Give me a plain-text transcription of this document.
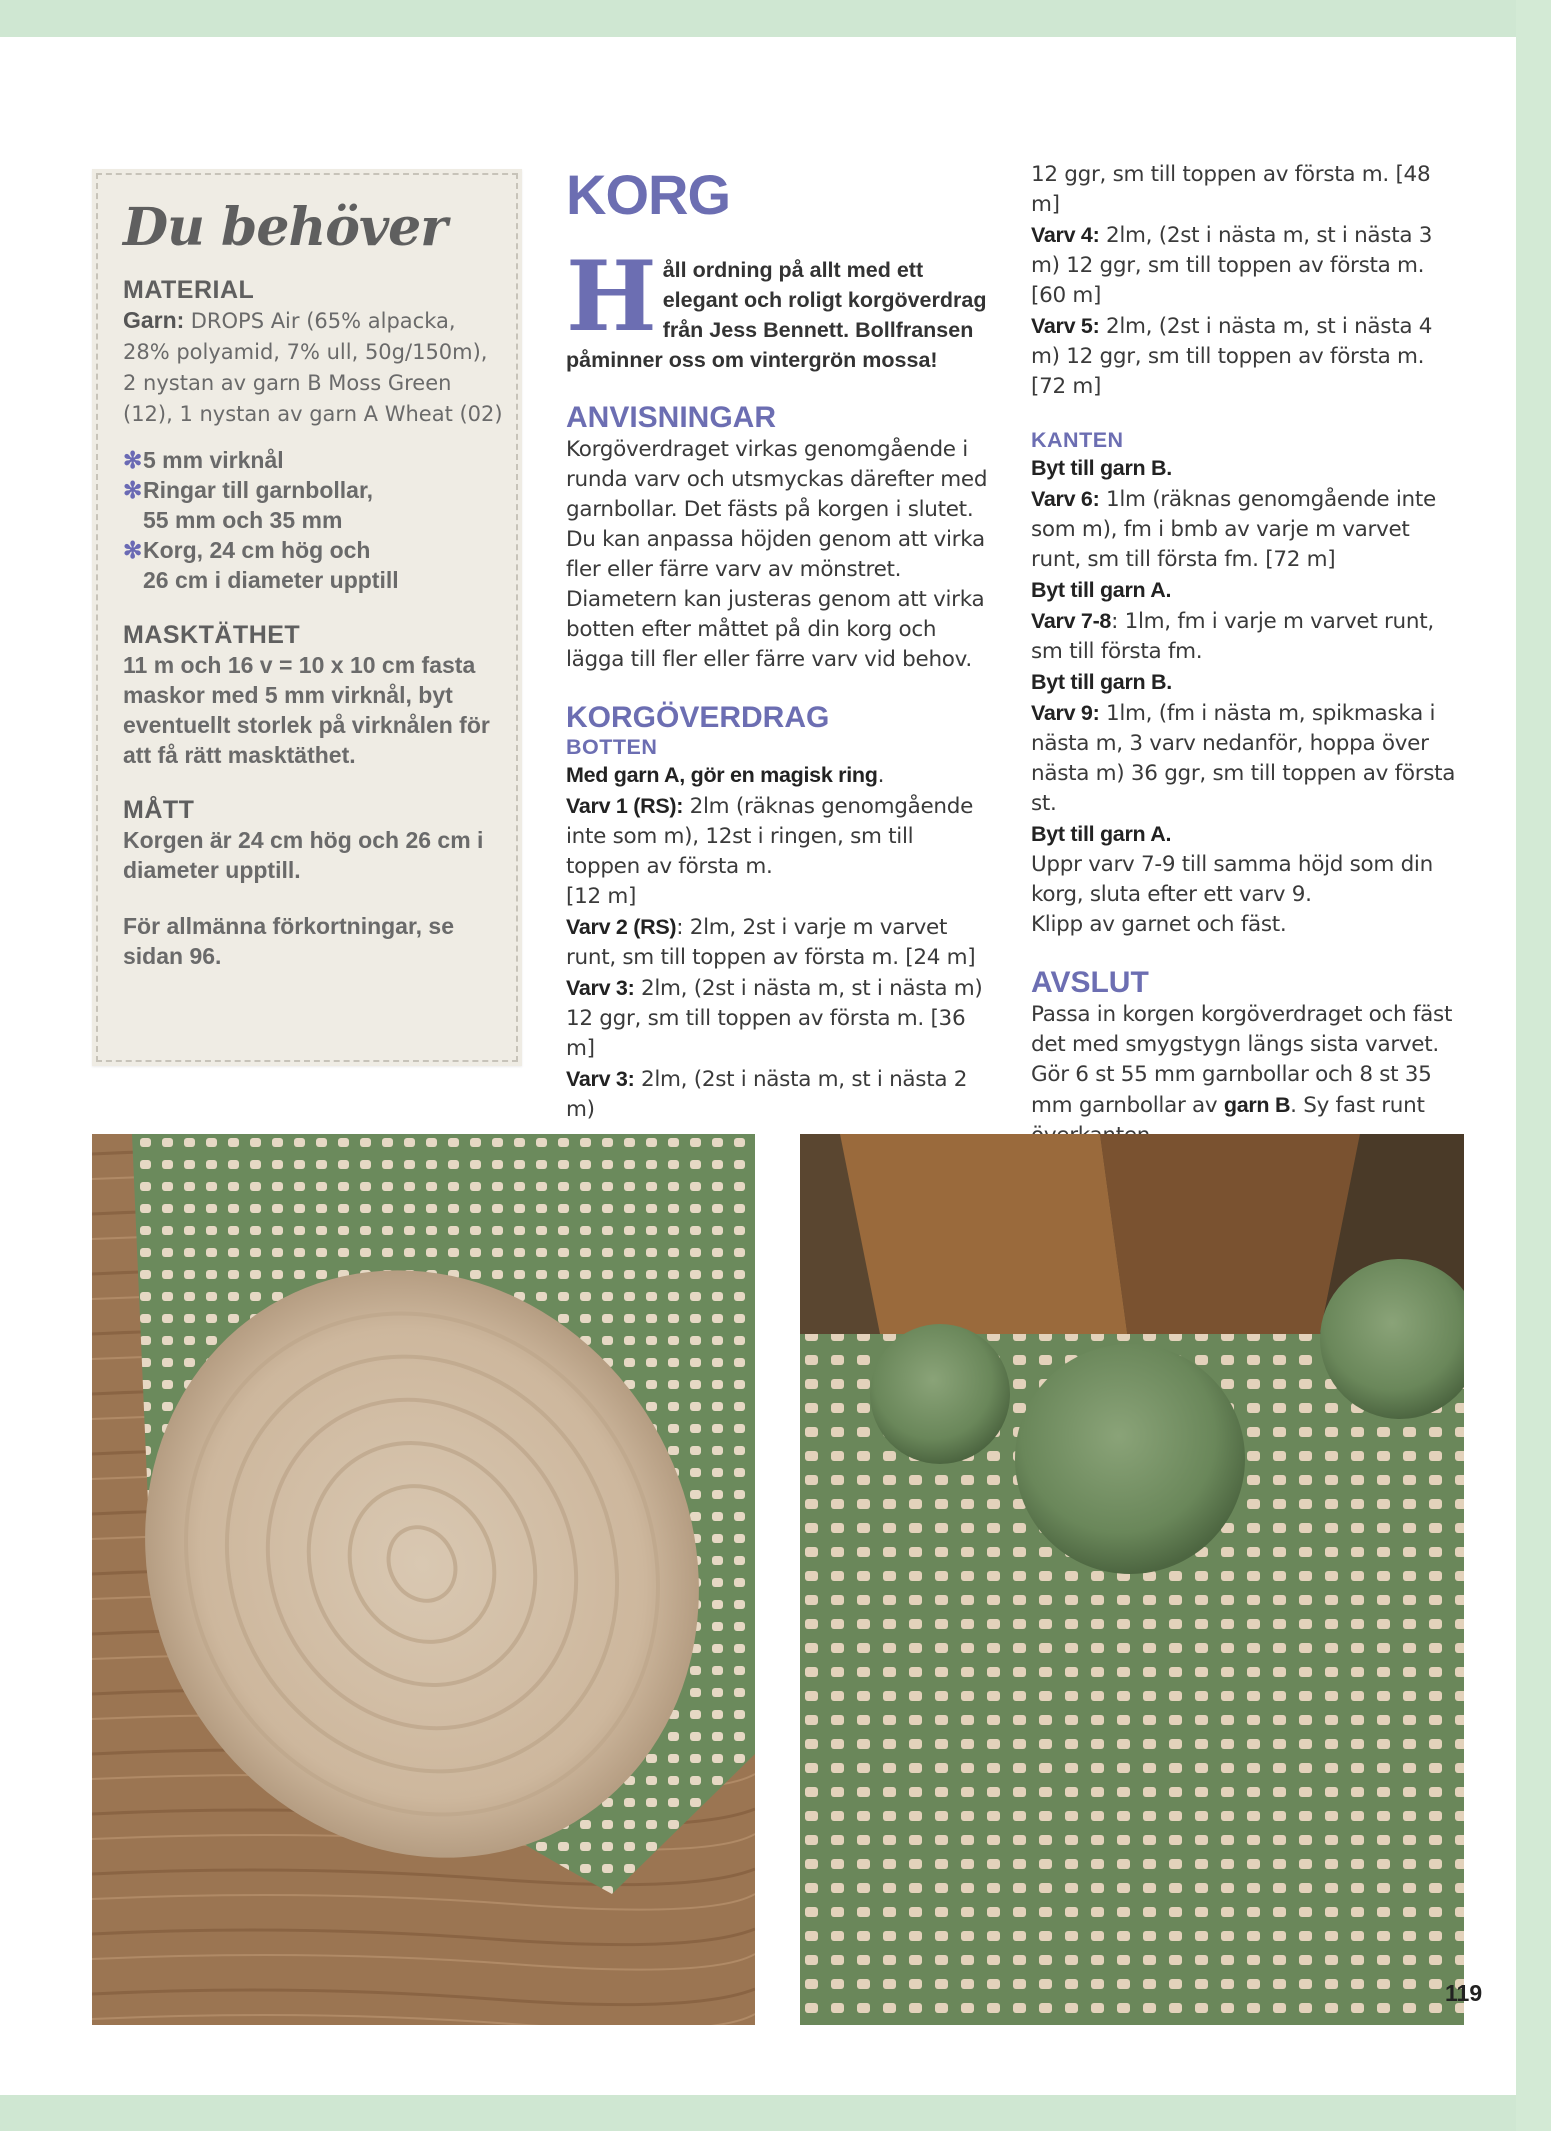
Du behöver
MATERIAL

Garn: DROPS Air (65% alpacka, 28% polyamid, 7% ull, 50g/150m), 2 nystan av garn B Moss Green (12), 1 nystan av garn A Wheat (02)

✻ 5 mm virknål
✻ Ringar till garnbollar,
55 mm och 35 mm
✻ Korg, 24 cm hög och
26 cm i diameter upptill
MASKTÄTHET

11 m och 16 v = 10 x 10 cm fasta maskor med 5 mm virknål, byt eventuellt storlek på virknålen för att få rätt masktäthet.

MÅTT

Korgen är 24 cm hög och 26 cm i diameter upptill.

För allmänna förkortningar, se sidan 96.

KORG
Håll ordning på allt med ett elegant och roligt korgöverdrag från Jess Bennett. Bollfransen påminner oss om vintergrön mossa!
ANVISNINGAR
Korgöverdraget virkas genomgående i runda varv och utsmyckas därefter med garnbollar. Det fästs på korgen i slutet. Du kan anpassa höjden genom att virka fler eller färre varv av mönstret. Diametern kan justeras genom att virka botten efter måttet på din korg och lägga till fler eller färre varv vid behov.
KORGÖVERDRAG
BOTTEN
Med garn A, gör en magisk ring.
Varv 1 (RS): 2lm (räknas genomgående inte som m), 12st i ringen, sm till toppen av första m.
[12 m]
Varv 2 (RS): 2lm, 2st i varje m varvet runt, sm till toppen av första m. [24 m]
Varv 3: 2lm, (2st i nästa m, st i nästa m) 12 ggr, sm till toppen av första m. [36 m]
Varv 3: 2lm, (2st i nästa m, st i nästa 2 m)
12 ggr, sm till toppen av första m. [48 m]
Varv 4: 2lm, (2st i nästa m, st i nästa 3 m) 12 ggr, sm till toppen av första m. [60 m]
Varv 5: 2lm, (2st i nästa m, st i nästa 4 m) 12 ggr, sm till toppen av första m. [72 m]
KANTEN
Byt till garn B.
Varv 6: 1lm (räknas genomgående inte som m), fm i bmb av varje m varvet runt, sm till första fm. [72 m]
Byt till garn A.
Varv 7-8: 1lm, fm i varje m varvet runt, sm till första fm.
Byt till garn B.
Varv 9: 1lm, (fm i nästa m, spikmaska i nästa m, 3 varv nedanför, hoppa över nästa m) 36 ggr, sm till toppen av första st.
Byt till garn A.
Uppr varv 7-9 till samma höjd som din korg, sluta efter ett varv 9.
Klipp av garnet och fäst.
AVSLUT
Passa in korgen korgöverdraget och fäst det med smygstygn längs sista varvet. Gör 6 st 55 mm garnbollar och 8 st 35 mm garnbollar av garn B. Sy fast runt
119
